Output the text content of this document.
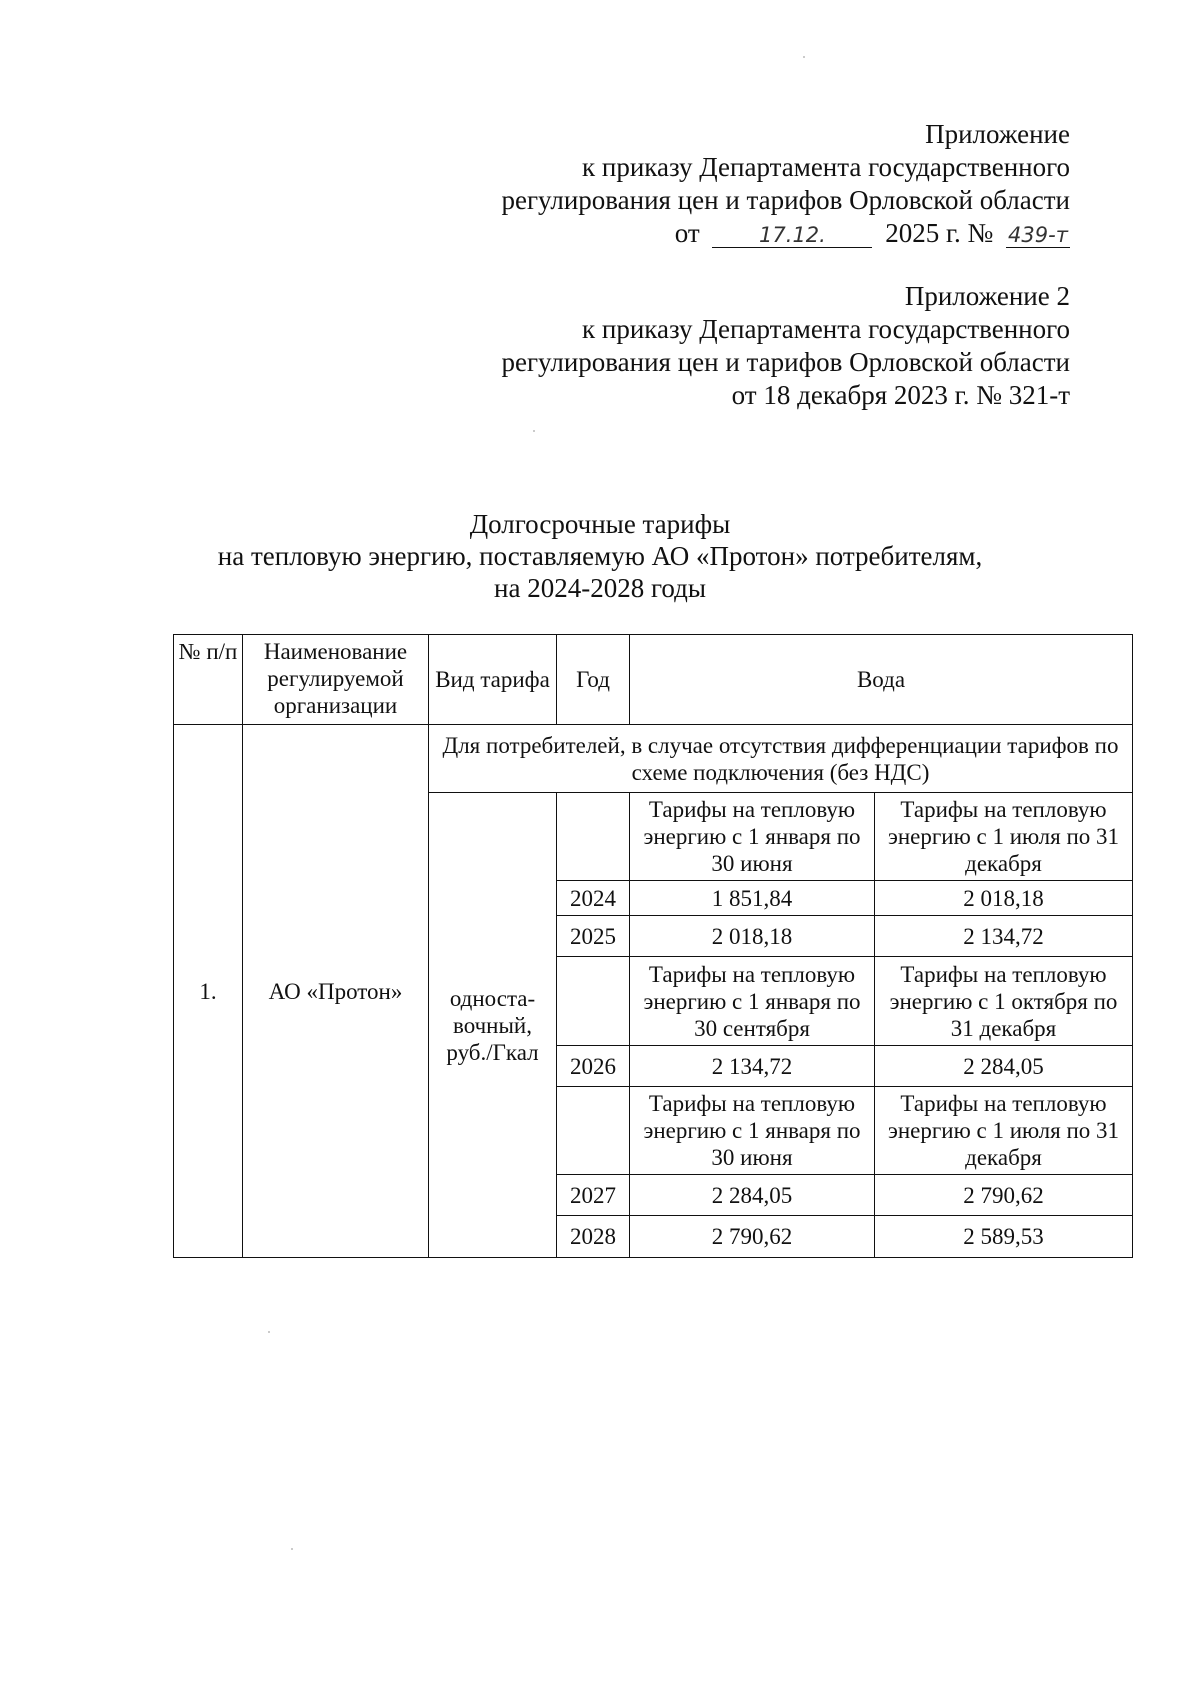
Приложение
к приказу Департамента государственного
регулирования цен и тарифов Орловской области
от	17.12. 2025 г. № 439-т
Приложение 2
к приказу Департамента государственного
регулирования цен и тарифов Орловской области
от 18 декабря 2023 г. № 321-т
Долгосрочные тарифы
на тепловую энергию, поставляемую АО «Протон» потребителям,
на 2024-2028 годы
№ п/п	Наименование регулируемой организации	Вид тарифа	Год	Вода	
1.	АО «Протон»	Для потребителей, в случае отсутствия дифференциации тарифов по схеме подключения (без НДС)			
		односта-вочный, руб./Гкал		Тарифы на тепловую энергию с 1 января по 30 июня	Тарифы на тепловую энергию с 1 июля по 31 декабря
			2024	1 851,84	2 018,18
			2025	2 018,18	2 134,72
				Тарифы на тепловую энергию с 1 января по 30 сентября	Тарифы на тепловую энергию с 1 октября по 31 декабря
			2026	2 134,72	2 284,05
				Тарифы на тепловую энергию с 1 января по 30 июня	Тарифы на тепловую энергию с 1 июля по 31 декабря
			2027	2 284,05	2 790,62
			2028	2 790,62	2 589,53
